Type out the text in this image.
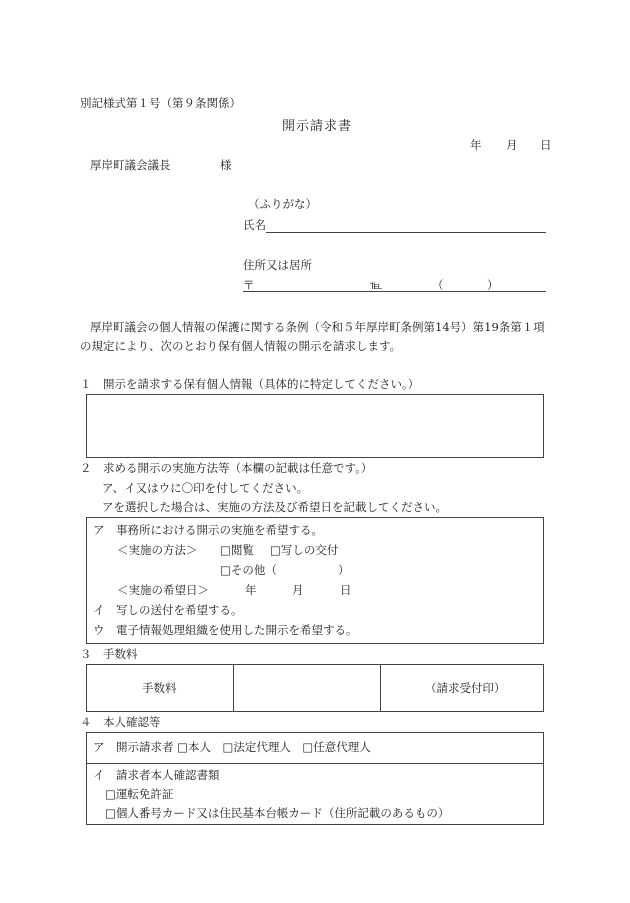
別記様式第１号（第９条関係）
開示請求書
年 月 日
厚岸町議会議長	様
（ふりがな）
氏名
住所又は居所
〒	℡	（	）
厚岸町議会の個人情報の保護に関する条例（令和５年厚岸町条例第14号）第19条第１項
の規定により、次のとおり保有個人情報の開示を請求します。
１　開示を請求する保有個人情報（具体的に特定してください。）
２　求める開示の実施方法等（本欄の記載は任意です。）
ア、イ又はウに〇印を付してください。
アを選択した場合は、実施の方法及び希望日を記載してください。
ア　事務所における開示の実施を希望する。
＜実施の方法＞ □閲覧 □写しの交付
□その他（	）
＜実施の希望日＞	年	月	日
イ　写しの送付を希望する。
ウ　電子情報処理組織を使用した開示を希望する。
３　手数料
手数料	（請求受付印）
４　本人確認等
ア　開示請求者 □本人　□法定代理人　□任意代理人
イ　請求者本人確認書類
□運転免許証
□個人番号カード又は住民基本台帳カード（住所記載のあるもの）
